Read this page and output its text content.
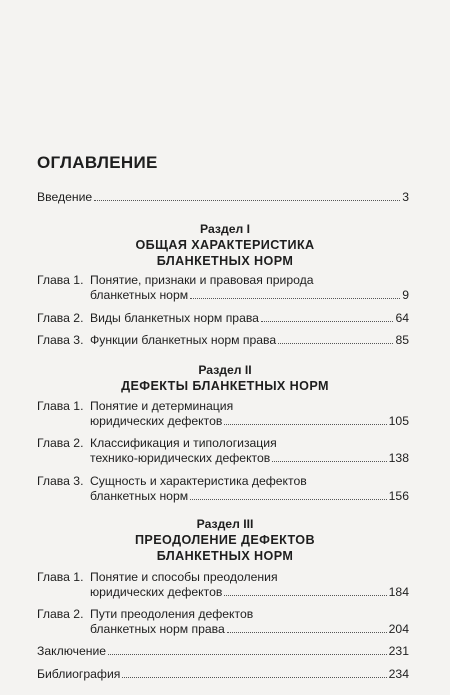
ОГЛАВЛЕНИЕ
Введение	3
Раздел I
ОБЩАЯ ХАРАКТЕРИСТИКА
БЛАНКЕТНЫХ НОРМ
Глава 1. Понятие, признаки и правовая природа
бланкетных норм	9
Глава 2. Виды бланкетных норм права	64
Глава 3. Функции бланкетных норм права	85
Раздел II
ДЕФЕКТЫ БЛАНКЕТНЫХ НОРМ
Глава 1. Понятие и детерминация
юридических дефектов	105
Глава 2. Классификация и типологизация
технико-юридических дефектов	138
Глава 3. Сущность и характеристика дефектов
бланкетных норм	156
Раздел III
ПРЕОДОЛЕНИЕ ДЕФЕКТОВ
БЛАНКЕТНЫХ НОРМ
Глава 1. Понятие и способы преодоления
юридических дефектов	184
Глава 2. Пути преодоления дефектов
бланкетных норм права	204
Заключение	231
Библиография	234
